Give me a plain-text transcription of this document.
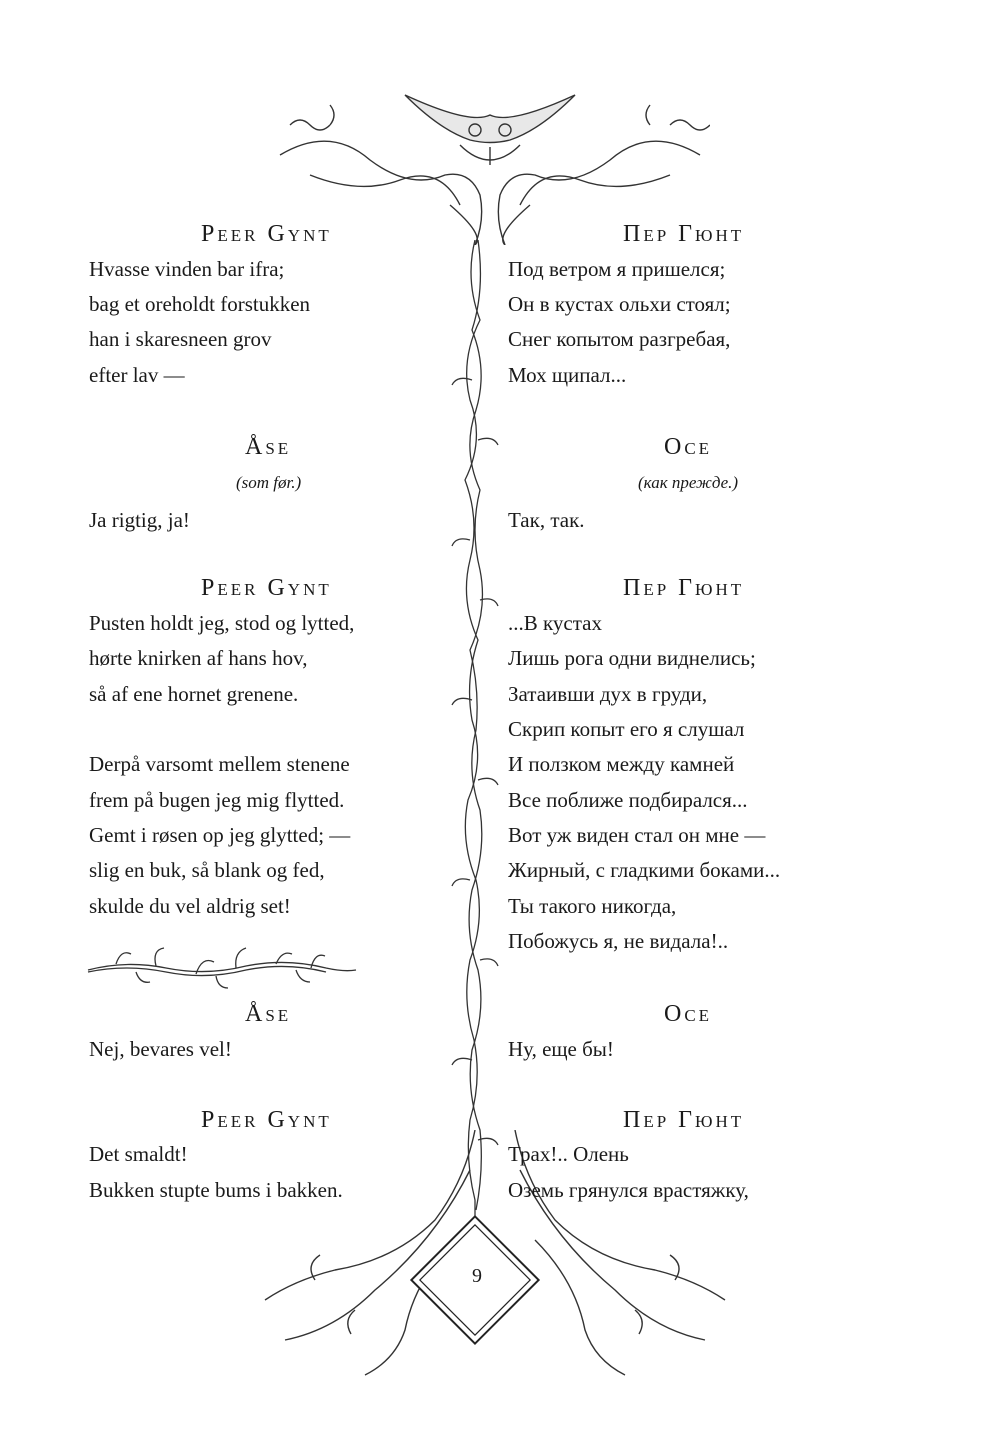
Peer Gynt
Hvasse vinden bar ifra;
bag et oreholdt forstukken
han i skaresneen grov
efter lav —
Åse
(som før.)
Ja rigtig, ja!
Peer Gynt
Pusten holdt jeg, stod og lytted,
hørte knirken af hans hov,
så af ene hornet grenene.
Derpå varsomt mellem stenene
frem på bugen jeg mig flytted.
Gemt i røsen op jeg glytted; —
slig en buk, så blank og fed,
skulde du vel aldrig set!
Åse
Nej, bevares vel!
Peer Gynt
Det smaldt!
Bukken stupte bums i bakken.
Пер Гюнт
Под ветром я пришелся;
Он в кустах ольхи стоял;
Снег копытом разгребая,
Мох щипал...
Осе
(как прежде.)
Так, так.
Пер Гюнт
...В кустах
Лишь рога одни виднелись;
Затаивши дух в груди,
Скрип копыт его я слушал
И ползком между камней
Все поближе подбирался...
Вот уж виден стал он мне —
Жирный, с гладкими боками...
Ты такого никогда,
Побожусь я, не видала!..
Осе
Ну, еще бы!
Пер Гюнт
Трах!.. Олень
Оземь грянулся врастяжку,
9
